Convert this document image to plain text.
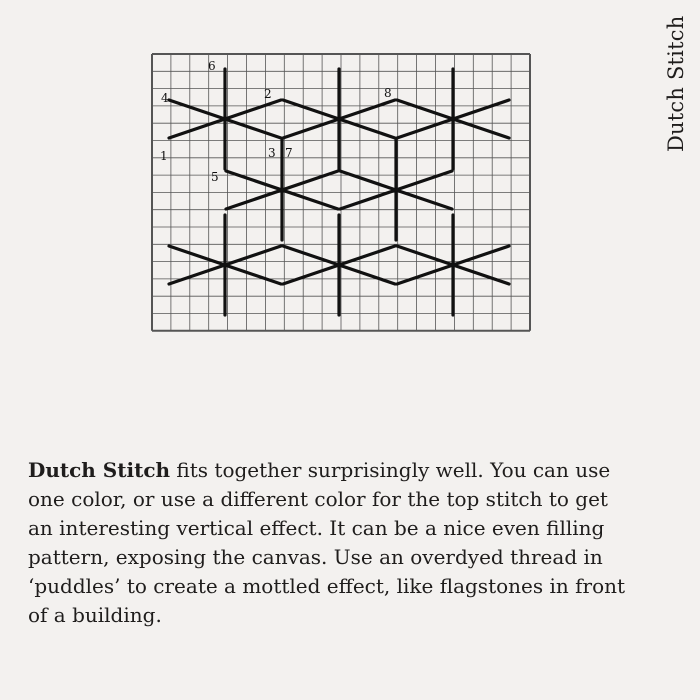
Dutch Stitch
1
2
3
4
5
6
7
8

Dutch Stitch fits together surprisingly well. You can use
one color, or use a different color for the top stitch to get
an interesting vertical effect. It can be a nice even filling
pattern, exposing the canvas. Use an overdyed thread in
‘puddles’ to create a mottled effect, like flagstones in front
of a building.
